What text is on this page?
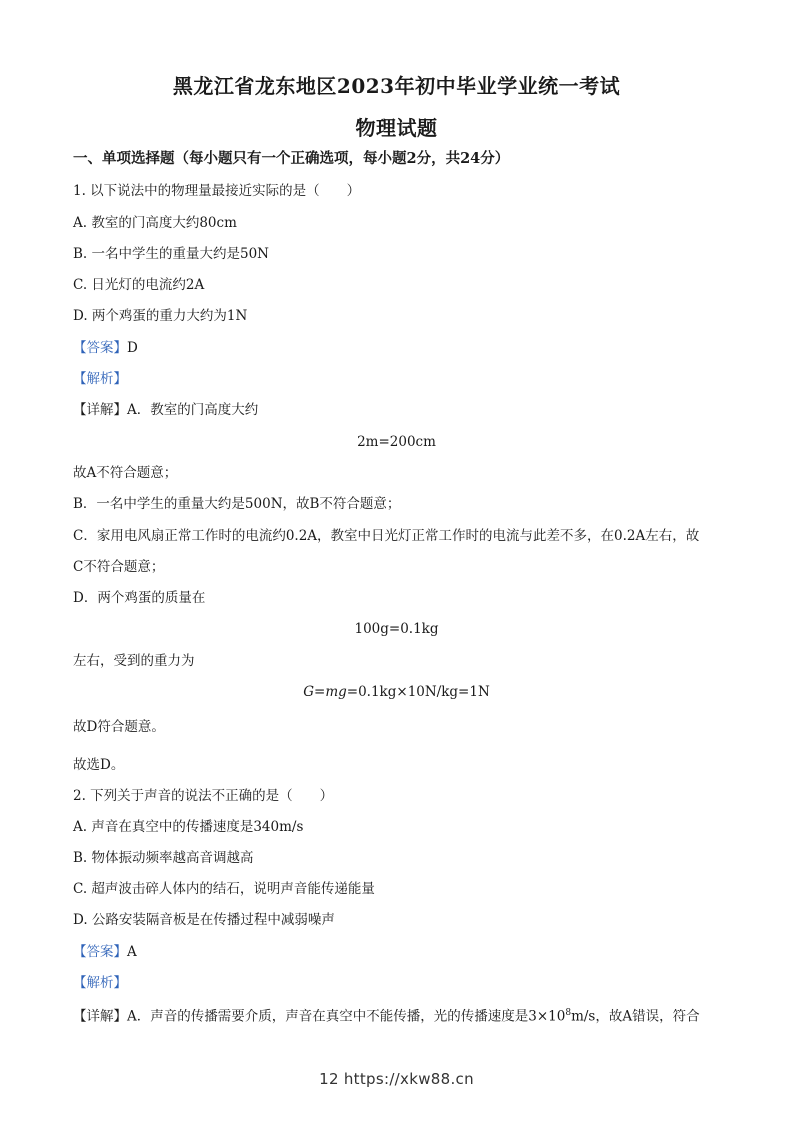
黑龙江省龙东地区2023年初中毕业学业统一考试
物理试题
一、单项选择题（每小题只有一个正确选项，每小题2分，共24分）
1. 以下说法中的物理量最接近实际的是（　　）
A. 教室的门高度大约80cm
B. 一名中学生的重量大约是50N
C. 日光灯的电流约2A
D. 两个鸡蛋的重力大约为1N
【答案】D
【解析】
【详解】A．教室的门高度大约
2m=200cm
故A不符合题意；
B．一名中学生的重量大约是500N，故B不符合题意；
C．家用电风扇正常工作时的电流约0.2A，教室中日光灯正常工作时的电流与此差不多，在0.2A左右，故
C不符合题意；
D．两个鸡蛋的质量在
100g=0.1kg
左右，受到的重力为
G=mg=0.1kg×10N/kg=1N
故D符合题意。
故选D。
2. 下列关于声音的说法不正确的是（　　）
A. 声音在真空中的传播速度是340m/s
B. 物体振动频率越高音调越高
C. 超声波击碎人体内的结石，说明声音能传递能量
D. 公路安装隔音板是在传播过程中减弱噪声
【答案】A
【解析】
【详解】A．声音的传播需要介质，声音在真空中不能传播，光的传播速度是$3\times 10^8m/s$，故A错误，符合
12 https://xkw88.cn
